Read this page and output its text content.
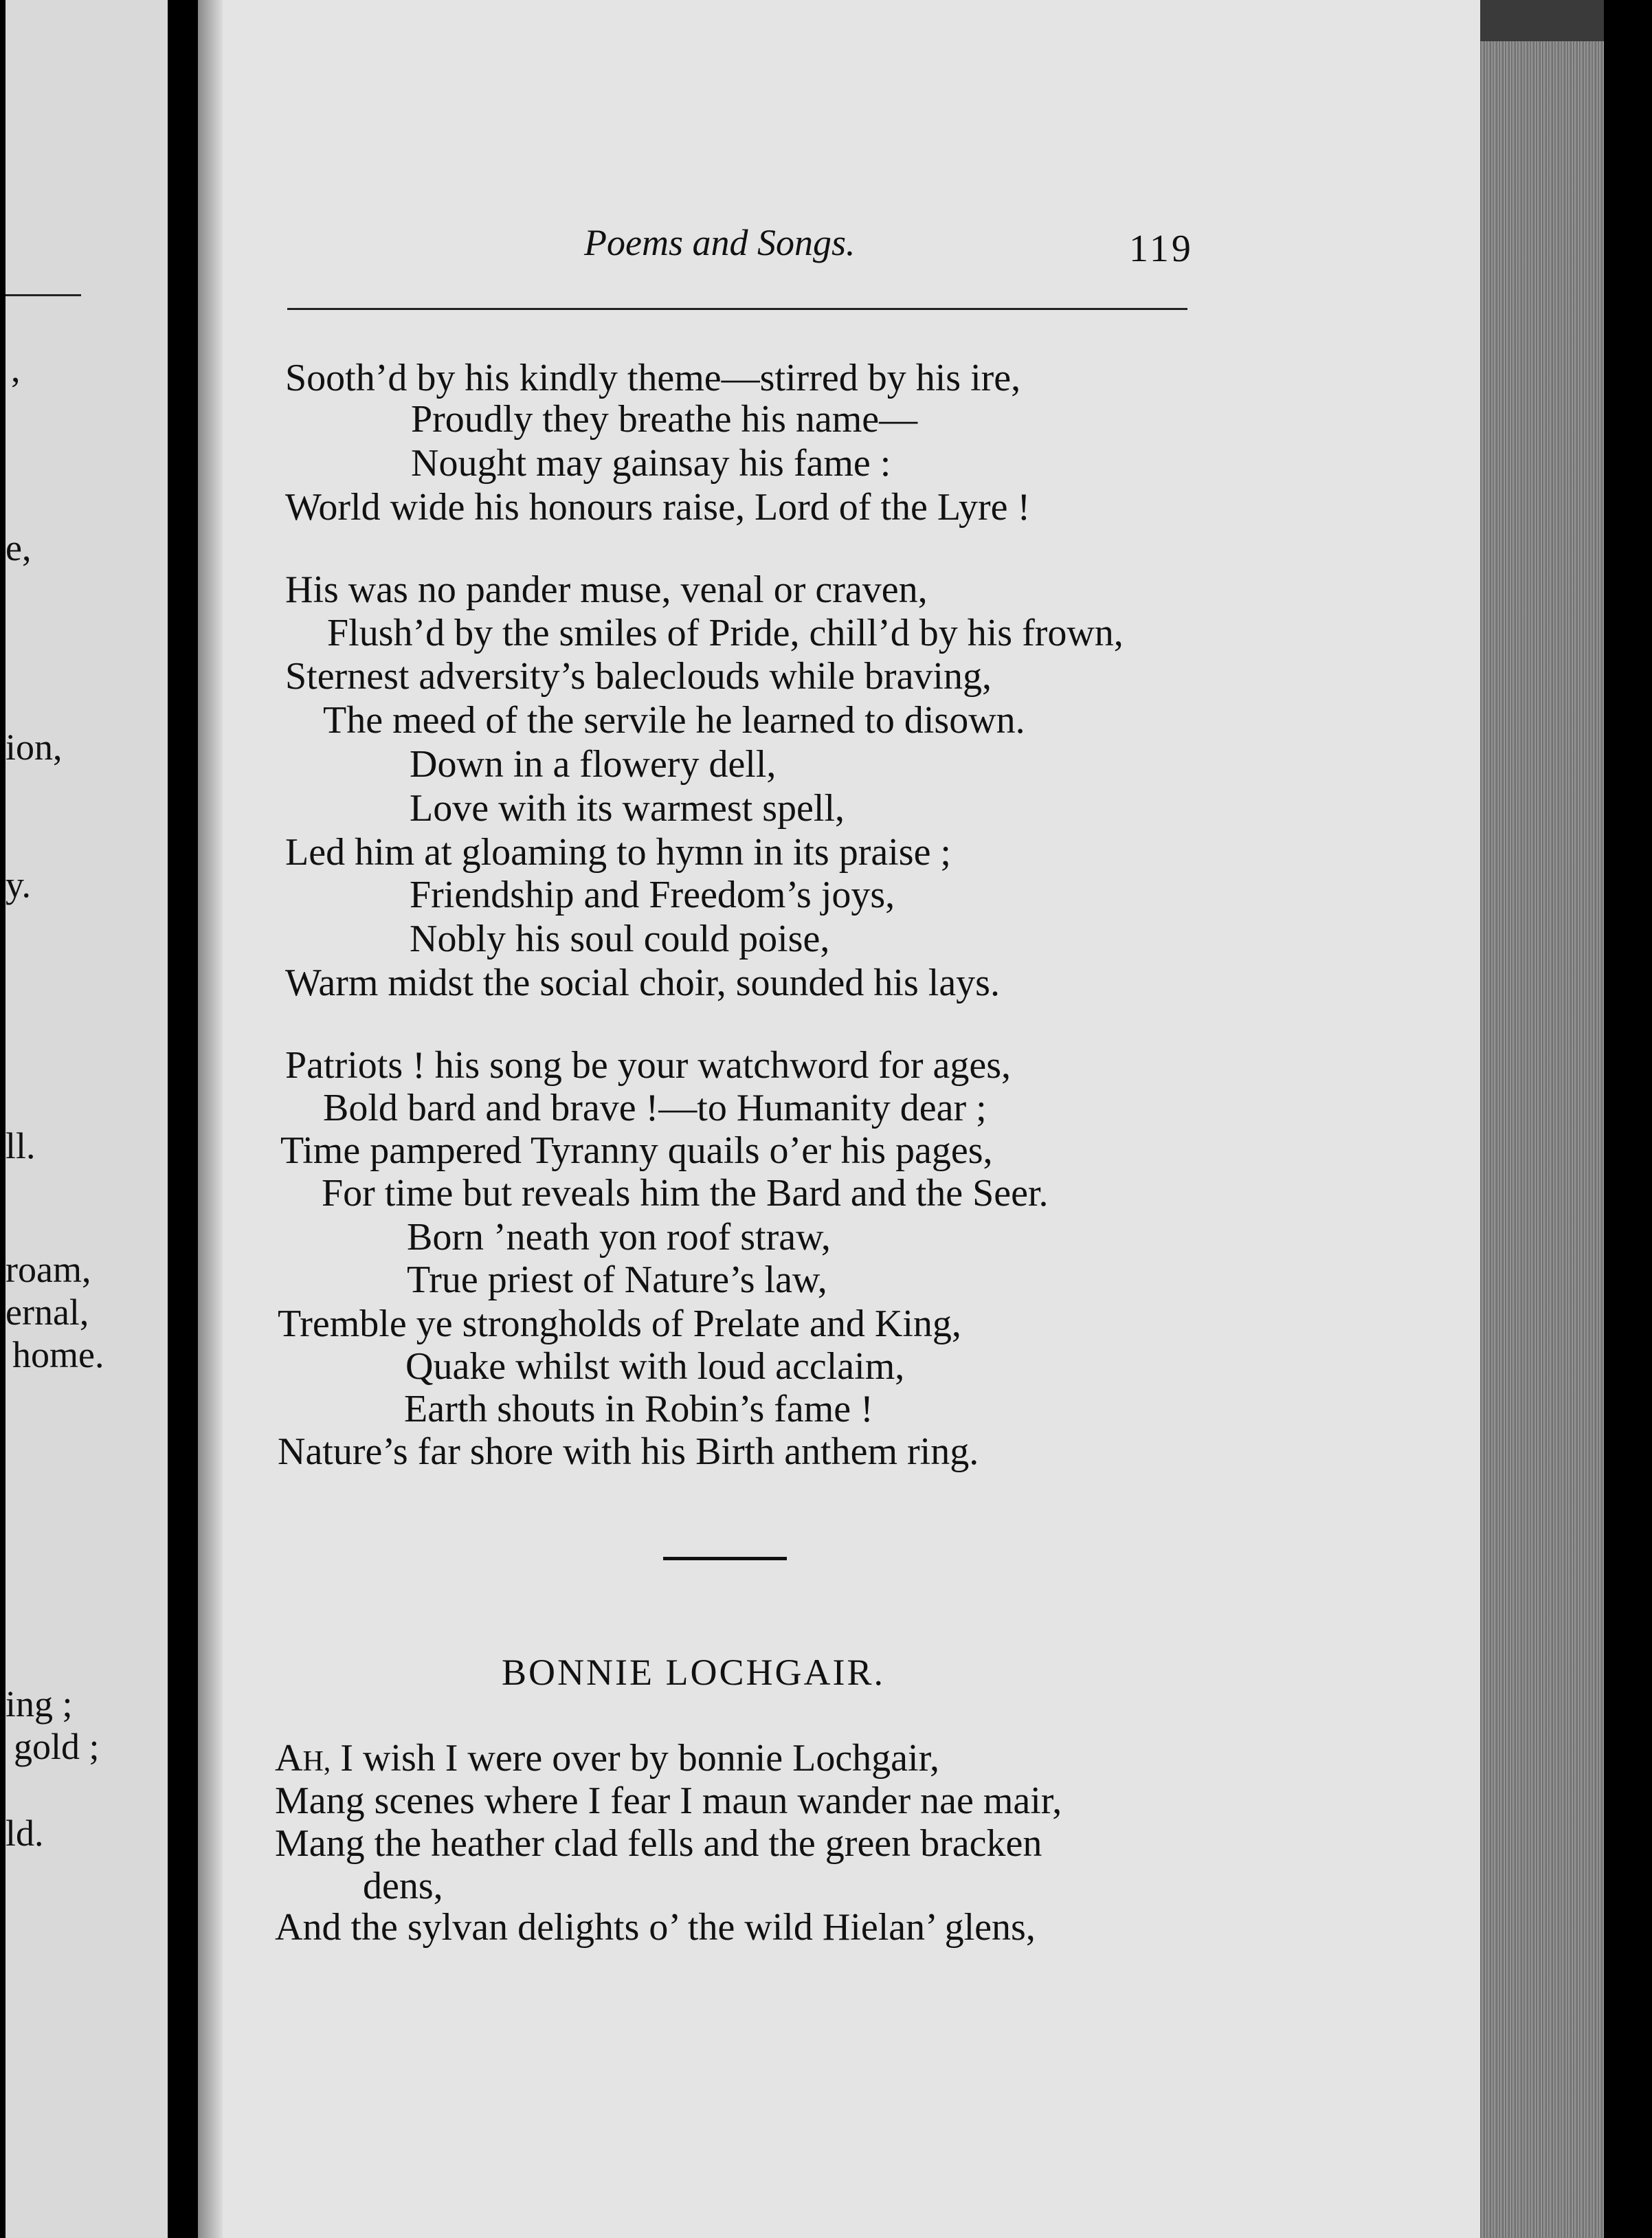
,
e,
ion,
y.
ll.
roam,
ernal,
home.
ing ;
gold ;
ld.
Poems and Songs.	119
Sooth’d by his kindly theme—stirred by his ire,
Proudly they breathe his name—
Nought may gainsay his fame :
World wide his honours raise, Lord of the Lyre !
His was no pander muse, venal or craven,
Flush’d by the smiles of Pride, chill’d by his frown,
Sternest adversity’s baleclouds while braving,
The meed of the servile he learned to disown.
Down in a flowery dell,
Love with its warmest spell,
Led him at gloaming to hymn in its praise ;
Friendship and Freedom’s joys,
Nobly his soul could poise,
Warm midst the social choir, sounded his lays.
Patriots ! his song be your watchword for ages,
Bold bard and brave !—to Humanity dear ;
Time pampered Tyranny quails o’er his pages,
For time but reveals him the Bard and the Seer.
Born ’neath yon roof straw,
True priest of Nature’s law,
Tremble ye strongholds of Prelate and King,
Quake whilst with loud acclaim,
Earth shouts in Robin’s fame !
Nature’s far shore with his Birth anthem ring.
BONNIE LOCHGAIR.
AH, I wish I were over by bonnie Lochgair,
Mang scenes where I fear I maun wander nae mair,
Mang the heather clad fells and the green bracken
dens,
And the sylvan delights o’ the wild Hielan’ glens,
